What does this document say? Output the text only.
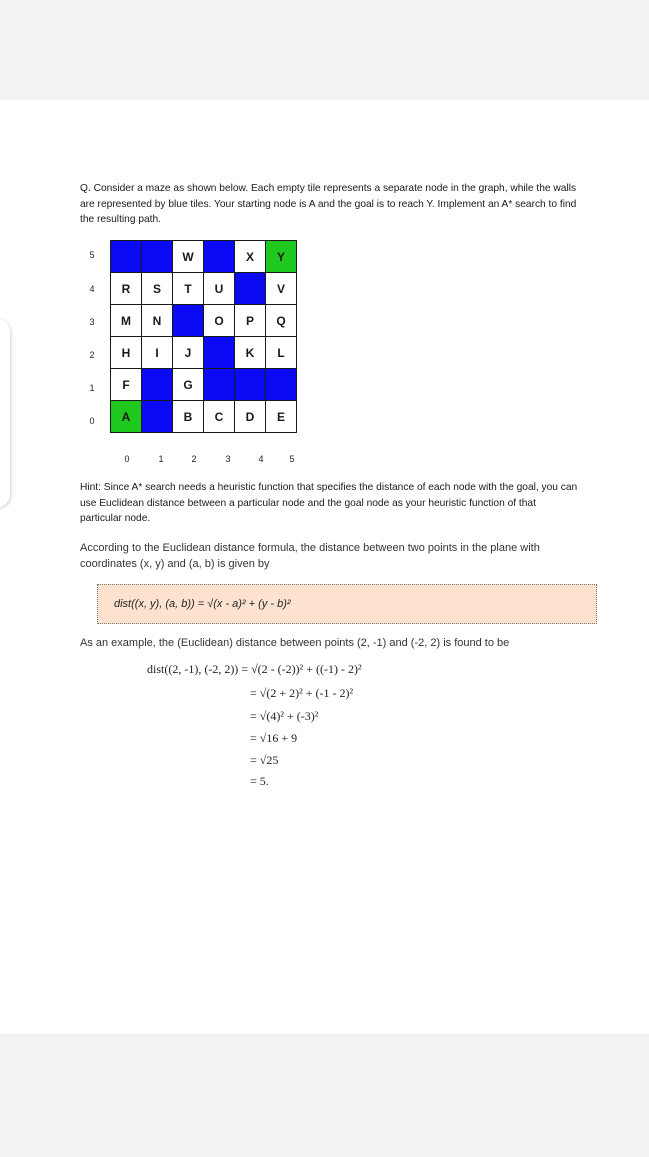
Q. Consider a maze as shown below. Each empty tile represents a separate node in the graph, while the walls are represented by blue tiles. Your starting node is A and the goal is to reach Y. Implement an A* search to find the resulting path.
		W		X	Y
R	S	T	U		V
M	N		O	P	Q
H	I	J		K	L
F		G			
A		B	C	D	E
5
4
3
2
1
0
0	1	2	3	4	5
Hint: Since A* search needs a heuristic function that specifies the distance of each node with the goal, you can use Euclidean distance between a particular node and the goal node as your heuristic function of that particular node.
According to the Euclidean distance formula, the distance between two points in the plane with coordinates (x, y) and (a, b) is given by
dist((x, y), (a, b)) = √(x - a)² + (y - b)²
As an example, the (Euclidean) distance between points (2, -1) and (-2, 2) is found to be
dist((2, -1), (-2, 2)) = √(2 - (-2))² + ((-1) - 2)²
= √(2 + 2)² + (-1 - 2)²
= √(4)² + (-3)²
= √16 + 9
= √25
= 5.
